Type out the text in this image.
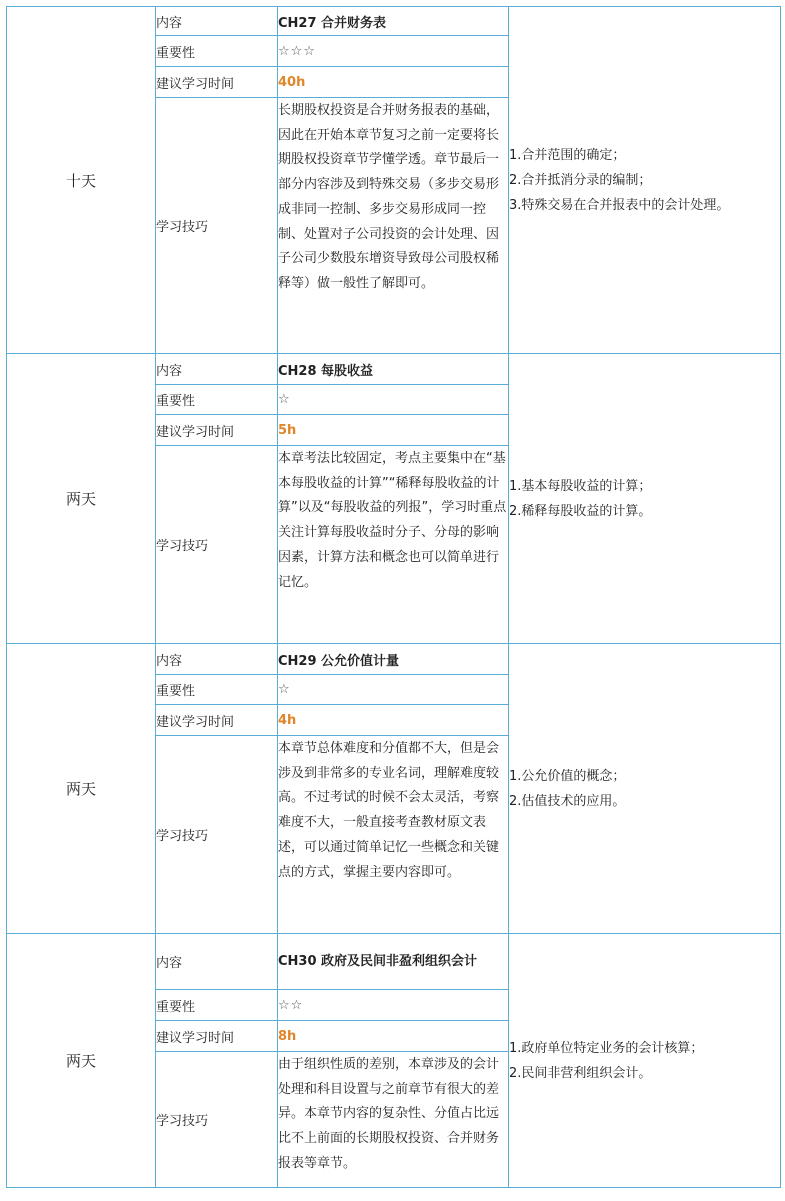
十天	内容	CH27 合并财务表	1.合并范围的确定；
2.合并抵消分录的编制；
3.特殊交易在合并报表中的会计处理。

	重要性	☆☆☆	
	建议学习时间	40h	
	学习技巧	长期股权投资是合并财务报表的基础，因此在开始本章节复习之前一定要将长期股权投资章节学懂学透。章节最后一部分内容涉及到特殊交易（多步交易形成非同一控制、多步交易形成同一控制、处置对子公司投资的会计处理、因子公司少数股东增资导致母公司股权稀释等）做一般性了解即可。	
两天	内容	CH28 每股收益	1.基本每股收益的计算；
2.稀释每股收益的计算。

	重要性	☆	
	建议学习时间	5h	
	学习技巧	本章考法比较固定，考点主要集中在“基本每股收益的计算”“稀释每股收益的计算”以及“每股收益的列报”，学习时重点关注计算每股收益时分子、分母的影响因素，计算方法和概念也可以简单进行记忆。	
两天	内容	CH29 公允价值计量	1.公允价值的概念；
2.估值技术的应用。

	重要性	☆	
	建议学习时间	4h	
	学习技巧	本章节总体难度和分值都不大，但是会涉及到非常多的专业名词，理解难度较高。不过考试的时候不会太灵活，考察难度不大，一般直接考查教材原文表述，可以通过简单记忆一些概念和关键点的方式，掌握主要内容即可。	
两天	内容	CH30 政府及民间非盈利组织会计	1.政府单位特定业务的会计核算；
2.民间非营利组织会计。

	重要性	☆☆	
	建议学习时间	8h	
	学习技巧	由于组织性质的差别，本章涉及的会计处理和科目设置与之前章节有很大的差异。本章节内容的复杂性、分值占比远比不上前面的长期股权投资、合并财务报表等章节。	
